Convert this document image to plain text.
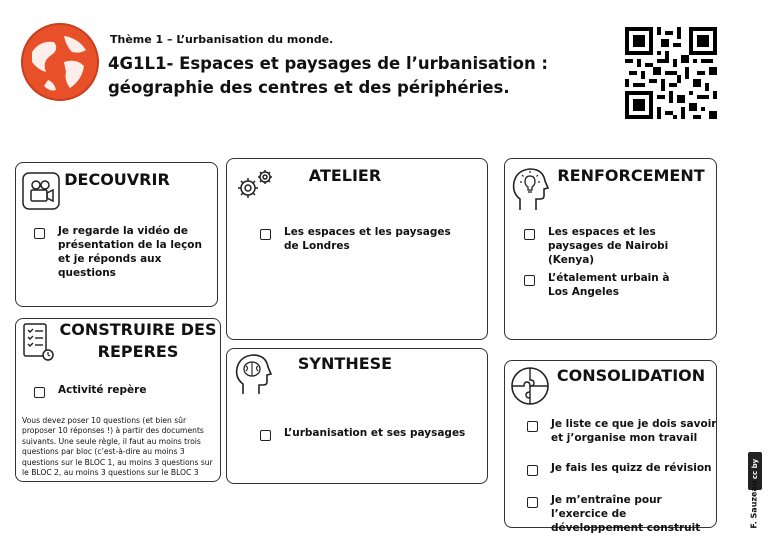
Thème 1 – L’urbanisation du monde.
4G1L1- Espaces et paysages de l’urbanisation :
géographie des centres et des périphéries.
DECOUVRIR
Je regarde la vidéo de présentation de la leçon et je réponds aux questions
CONSTRUIRE DES
REPERES
Activité repère
Vous devez poser 10 questions (et bien sûr proposer 10 réponses !) à partir des documents suivants. Une seule règle, il faut au moins trois questions par bloc (c’est-à-dire au moins 3 questions sur le BLOC 1, au moins 3 questions sur le BLOC 2, au moins 3 questions sur le BLOC 3
ATELIER
Les espaces et les paysages de Londres
SYNTHESE
L’urbanisation et ses paysages
RENFORCEMENT
Les espaces et les paysages de Nairobi (Kenya)
L’étalement urbain à Los Angeles
CONSOLIDATION
Je liste ce que je dois savoir et j’organise mon travail
Je fais les quizz de révision
Je m’entraîne pour l’exercice de développement construit
cc by
F. Sauzeau
